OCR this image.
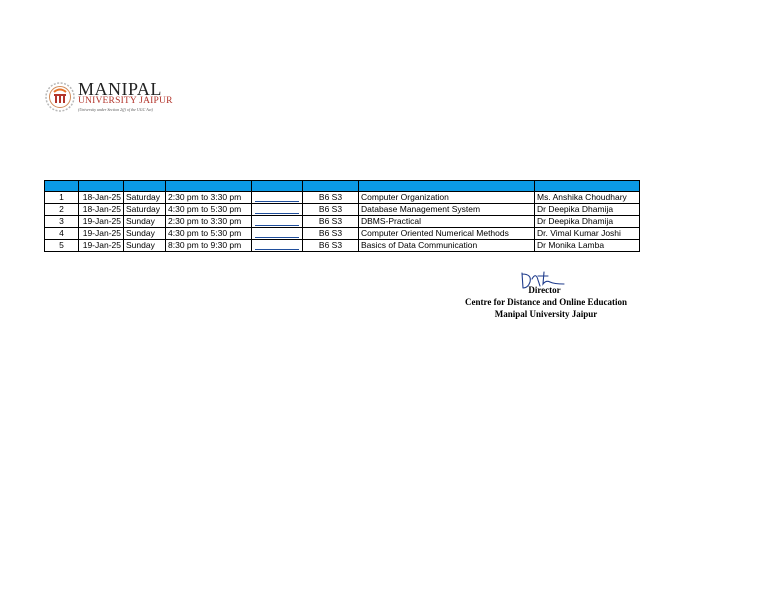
MANIPAL
UNIVERSITY JAIPUR
(University under Section 2(f) of the UGC Act)

1	18-Jan-25	Saturday	2:30 pm to 3:30 pm		B6 S3	Computer Organization	Ms. Anshika Choudhary
2	18-Jan-25	Saturday	4:30 pm to 5:30 pm		B6 S3	Database Management System	Dr Deepika Dhamija
3	19-Jan-25	Sunday	2:30 pm to 3:30 pm		B6 S3	DBMS-Practical	Dr Deepika Dhamija
4	19-Jan-25	Sunday	4:30 pm to 5:30 pm		B6 S3	Computer Oriented Numerical Methods	Dr. Vimal Kumar Joshi
5	19-Jan-25	Sunday	8:30 pm to 9:30 pm		B6 S3	Basics of Data Communication	Dr Monika Lamba
Director
Centre for Distance and Online Education
Manipal University Jaipur
